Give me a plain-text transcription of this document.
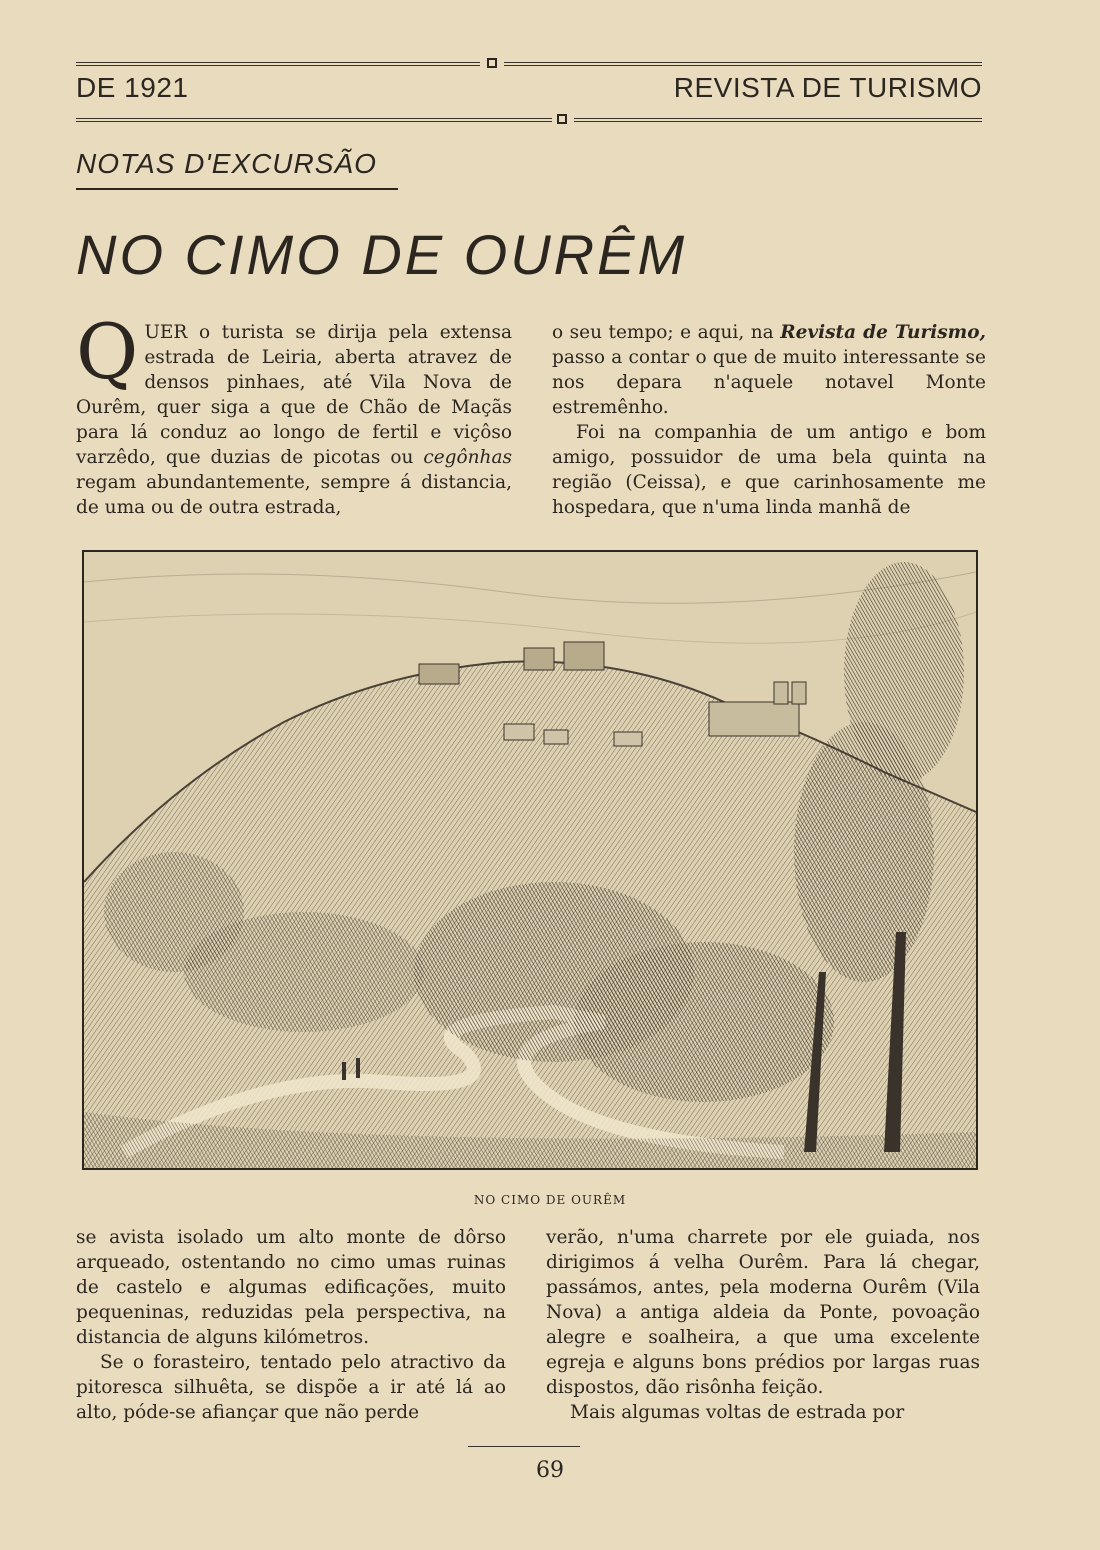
DE 1921	REVISTA DE TURISMO
NOTAS D'EXCURSÃO
NO CIMO DE OURÊM

QUER o turista se dirija pela extensa estrada de Leiria, aberta atravez de densos pinhaes, até Vila Nova de Ourêm, quer siga a que de Chão de Maçãs para lá conduz ao longo de fertil e viçôso varzêdo, que duzias de picotas ou cegônhas regam abundantemente, sempre á distancia, de uma ou de outra estrada,

o seu tempo; e aqui, na Revista de Turismo, passo a contar o que de muito interessante se nos depara n'aquele notavel Monte estremênho.

Foi na companhia de um antigo e bom amigo, possuidor de uma bela quinta na região (Ceissa), e que carinhosamente me hospedara, que n'uma linda manhã de

NO CIMO DE OURÊM

se avista isolado um alto monte de dôrso arqueado, ostentando no cimo umas ruinas de castelo e algumas edificações, muito pequeninas, reduzidas pela perspectiva, na distancia de alguns kilómetros.

Se o forasteiro, tentado pelo atractivo da pitoresca silhuêta, se dispõe a ir até lá ao alto, póde-se afiançar que não perde

verão, n'uma charrete por ele guiada, nos dirigimos á velha Ourêm. Para lá chegar, passámos, antes, pela moderna Ourêm (Vila Nova) a antiga aldeia da Ponte, povoação alegre e soalheira, a que uma excelente egreja e alguns bons prédios por largas ruas dispostos, dão risônha feição.

Mais algumas voltas de estrada por

69
